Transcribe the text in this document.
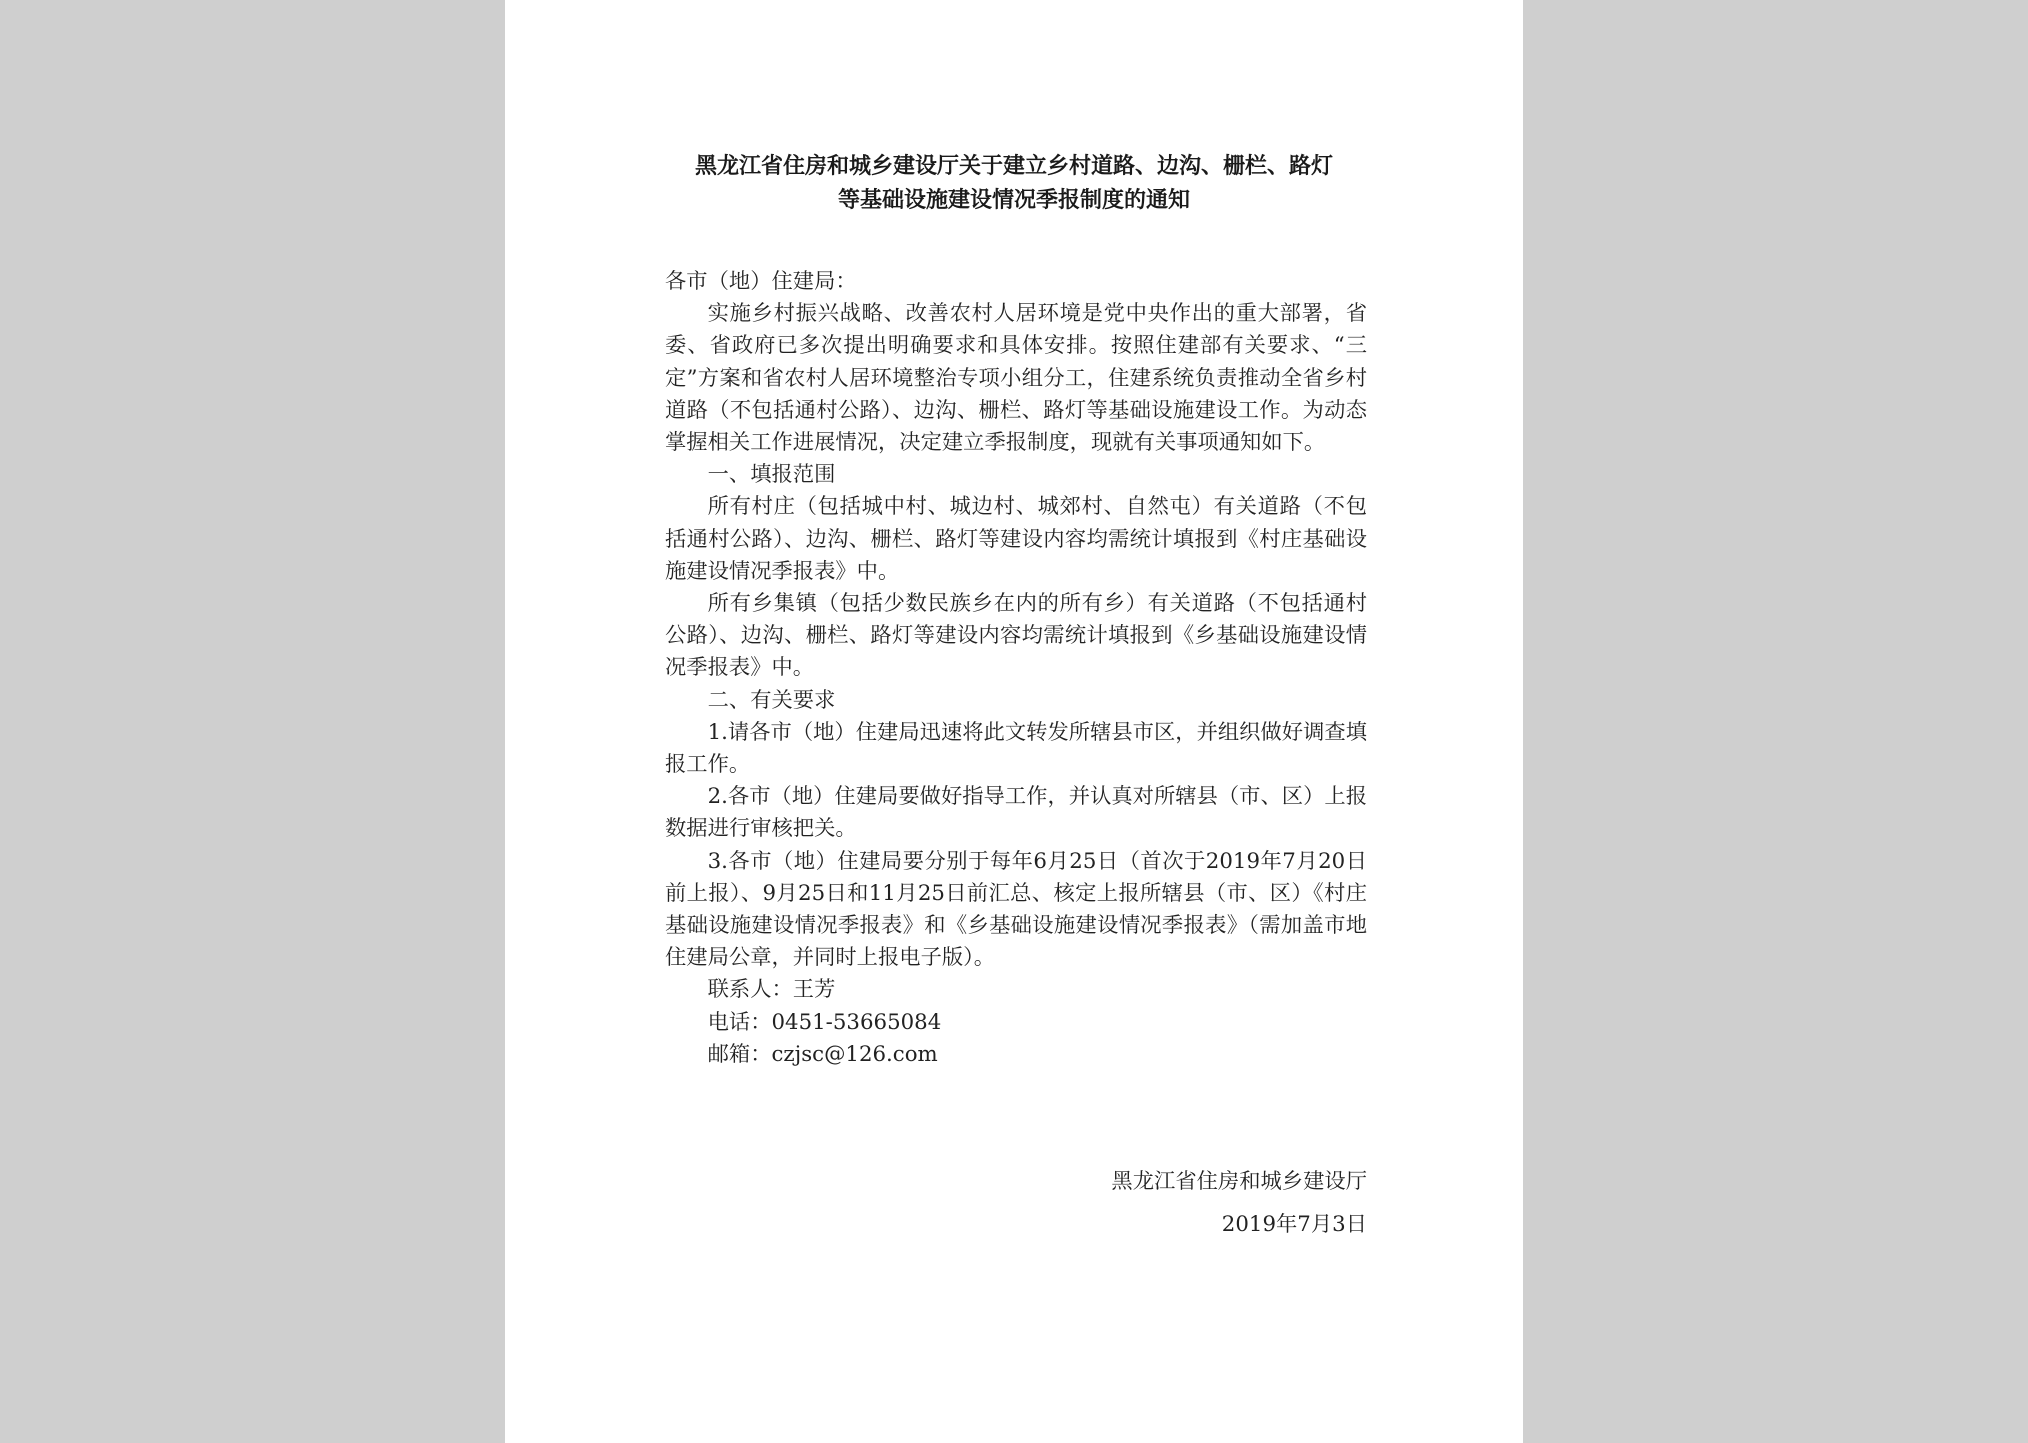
黑龙江省住房和城乡建设厅关于建立乡村道路、边沟、栅栏、路灯
等基础设施建设情况季报制度的通知

各市（地）住建局：

实施乡村振兴战略、改善农村人居环境是党中央作出的重大部署，省委、省政府已多次提出明确要求和具体安排。按照住建部有关要求、“三定”方案和省农村人居环境整治专项小组分工，住建系统负责推动全省乡村道路（不包括通村公路）、边沟、栅栏、路灯等基础设施建设工作。为动态掌握相关工作进展情况，决定建立季报制度，现就有关事项通知如下。

一、填报范围

所有村庄（包括城中村、城边村、城郊村、自然屯）有关道路（不包括通村公路）、边沟、栅栏、路灯等建设内容均需统计填报到《村庄基础设施建设情况季报表》中。

所有乡集镇（包括少数民族乡在内的所有乡）有关道路（不包括通村公路）、边沟、栅栏、路灯等建设内容均需统计填报到《乡基础设施建设情况季报表》中。

二、有关要求

1.请各市（地）住建局迅速将此文转发所辖县市区，并组织做好调查填报工作。

2.各市（地）住建局要做好指导工作，并认真对所辖县（市、区）上报数据进行审核把关。

3.各市（地）住建局要分别于每年6月25日（首次于2019年7月20日前上报）、9月25日和11月25日前汇总、核定上报所辖县（市、区）《村庄基础设施建设情况季报表》和《乡基础设施建设情况季报表》（需加盖市地住建局公章，并同时上报电子版）。

联系人：王芳

电话：0451-53665084

邮箱：czjsc@126.com

黑龙江省住房和城乡建设厅
2019年7月3日
